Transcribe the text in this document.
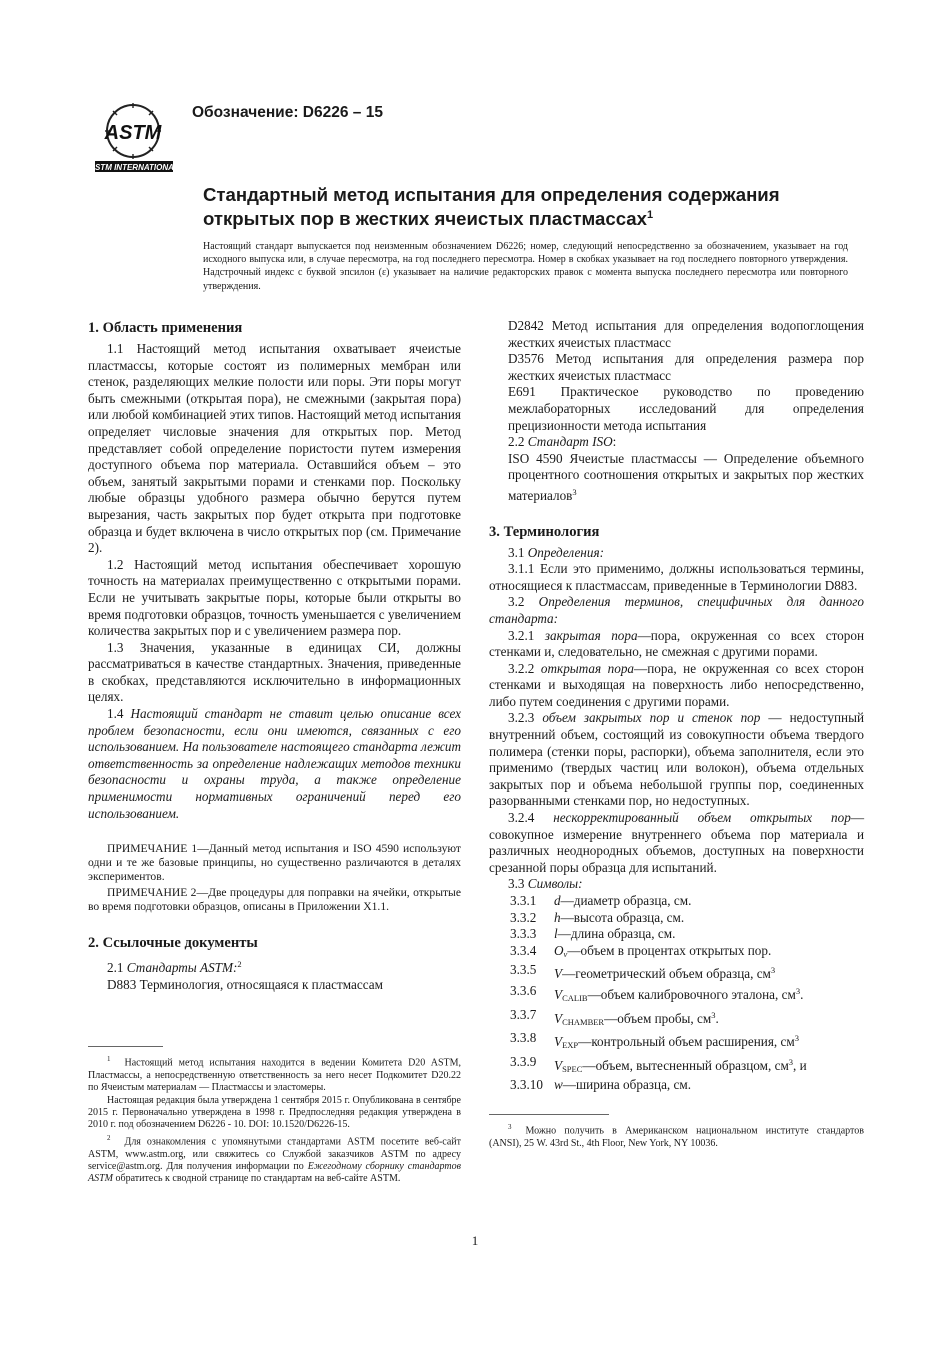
ASTM
ASTM INTERNATIONAL
Обозначение: D6226 – 15
Стандартный метод испытания для определения содержания открытых пор в жестких ячеистых пластмассах$^1$
Настоящий стандарт выпускается под неизменным обозначением D6226; номер, следующий непосредственно за обозначением, указывает на год исходного выпуска или, в случае пересмотра, на год последнего пересмотра. Номер в скобках указывает на год последнего повторного утверждения. Надстрочный индекс с буквой эпсилон (ε) указывает на наличие редакторских правок с момента выпуска последнего пересмотра или повторного утверждения.
1. Область применения
1.1 Настоящий метод испытания охватывает ячеистые пластмассы, которые состоят из полимерных мембран или стенок, разделяющих мелкие полости или поры. Эти поры могут быть смежными (открытая пора), не смежными (закрытая пора) или любой комбинацией этих типов. Настоящий метод испытания определяет числовые значения для открытых пор. Метод представляет собой определение пористости путем измерения доступного объема пор материала. Оставшийся объем – это объем, занятый закрытыми порами и стенками пор. Поскольку любые образцы удобного размера обычно берутся путем вырезания, часть закрытых пор будет открыта при подготовке образца и будет включена в число открытых пор (см. Примечание 2).
1.2 Настоящий метод испытания обеспечивает хорошую точность на материалах преимущественно с открытыми порами. Если не учитывать закрытые поры, которые были открыты во время подготовки образцов, точность уменьшается с увеличением количества закрытых пор и с увеличением размера пор.
1.3 Значения, указанные в единицах СИ, должны рассматриваться в качестве стандартных. Значения, приведенные в скобках, представляются исключительно в информационных целях.
1.4 Настоящий стандарт не ставит целью описание всех проблем безопасности, если они имеются, связанных с его использованием. На пользователе настоящего стандарта лежит ответственность за определение надлежащих методов техники безопасности и охраны труда, а также определение применимости нормативных ограничений перед его использованием.
ПРИМЕЧАНИЕ 1—Данный метод испытания и ISO 4590 используют одни и те же базовые принципы, но существенно различаются в деталях экспериментов.
ПРИМЕЧАНИЕ 2—Две процедуры для поправки на ячейки, открытые во время подготовки образцов, описаны в Приложении X1.1.
2. Ссылочные документы
2.1 Стандарты ASTM:$^2$
D883 Терминология, относящаяся к пластмассам
$^1$ Настоящий метод испытания находится в ведении Комитета D20 ASTM, Пластмассы, а непосредственную ответственность за него несет Подкомитет D20.22 по Ячеистым материалам — Пластмассы и эластомеры.
Настоящая редакция была утверждена 1 сентября 2015 г. Опубликована в сентябре 2015 г. Первоначально утверждена в 1998 г. Предпоследняя редакция утверждена в 2010 г. под обозначением D6226 - 10. DOI: 10.1520/D6226-15.
$^2$ Для ознакомления с упомянутыми стандартами ASTM посетите веб-сайт ASTM, www.astm.org, или свяжитесь со Службой заказчиков ASTM по адресу service@astm.org. Для получения информации по Ежегодному сборнику стандартов ASTM обратитесь к сводной странице по стандартам на веб-сайте ASTM.
D2842 Метод испытания для определения водопоглощения жестких ячеистых пластмасс
D3576 Метод испытания для определения размера пор жестких ячеистых пластмасс
E691 Практическое руководство по проведению межлабораторных исследований для определения прецизионности метода испытания
2.2 Стандарт ISO:
ISO 4590 Ячеистые пластмассы — Определение объемного процентного соотношения открытых и закрытых пор жестких материалов$^3$
3. Терминология
3.1 Определения:
3.1.1 Если это применимо, должны использоваться термины, относящиеся к пластмассам, приведенные в Терминологии D883.
3.2 Определения терминов, специфичных для данного стандарта:
3.2.1 закрытая пора—пора, окруженная со всех сторон стенками и, следовательно, не смежная с другими порами.
3.2.2 открытая пора—пора, не окруженная со всех сторон стенками и выходящая на поверхность либо непосредственно, либо путем соединения с другими порами.
3.2.3 объем закрытых пор и стенок пор — недоступный внутренний объем, состоящий из совокупности объема твердого полимера (стенки поры, распорки), объема заполнителя, если это применимо (твердых частиц или волокон), объема отдельных закрытых пор и объема небольшой группы пор, соединенных разорванными стенками пор, но недоступных.
3.2.4 нескорректированный объем открытых пор—совокупное измерение внутреннего объема пор материала и различных неоднородных объемов, доступных на поверхности срезанной поры образца для испытаний.
3.3 Символы:
3.3.1	d—диаметр образца, см.
3.3.2	h—высота образца, см.
3.3.3	l—длина образца, см.
3.3.4	$O_v—объем$ в процентах открытых пор.
3.3.5	V—геометрический объем образца, $см^3$
3.3.6	$V_{CALIB}—объем$ калибровочного эталона, $см^3$.
3.3.7	$V_{CHAMBER}—объем$ пробы, $см^3$.
3.3.8	$V_{EXP}—контрольный$ объем расширения, $см^3$
3.3.9	$V_{SPEC}—объем$, вытесненный образцом, $см^3$, и
3.3.10 w—ширина образца, см.
$^3$ Можно получить в Американском национальном институте стандартов (ANSI), 25 W. 43rd St., 4th Floor, New York, NY 10036.
1
